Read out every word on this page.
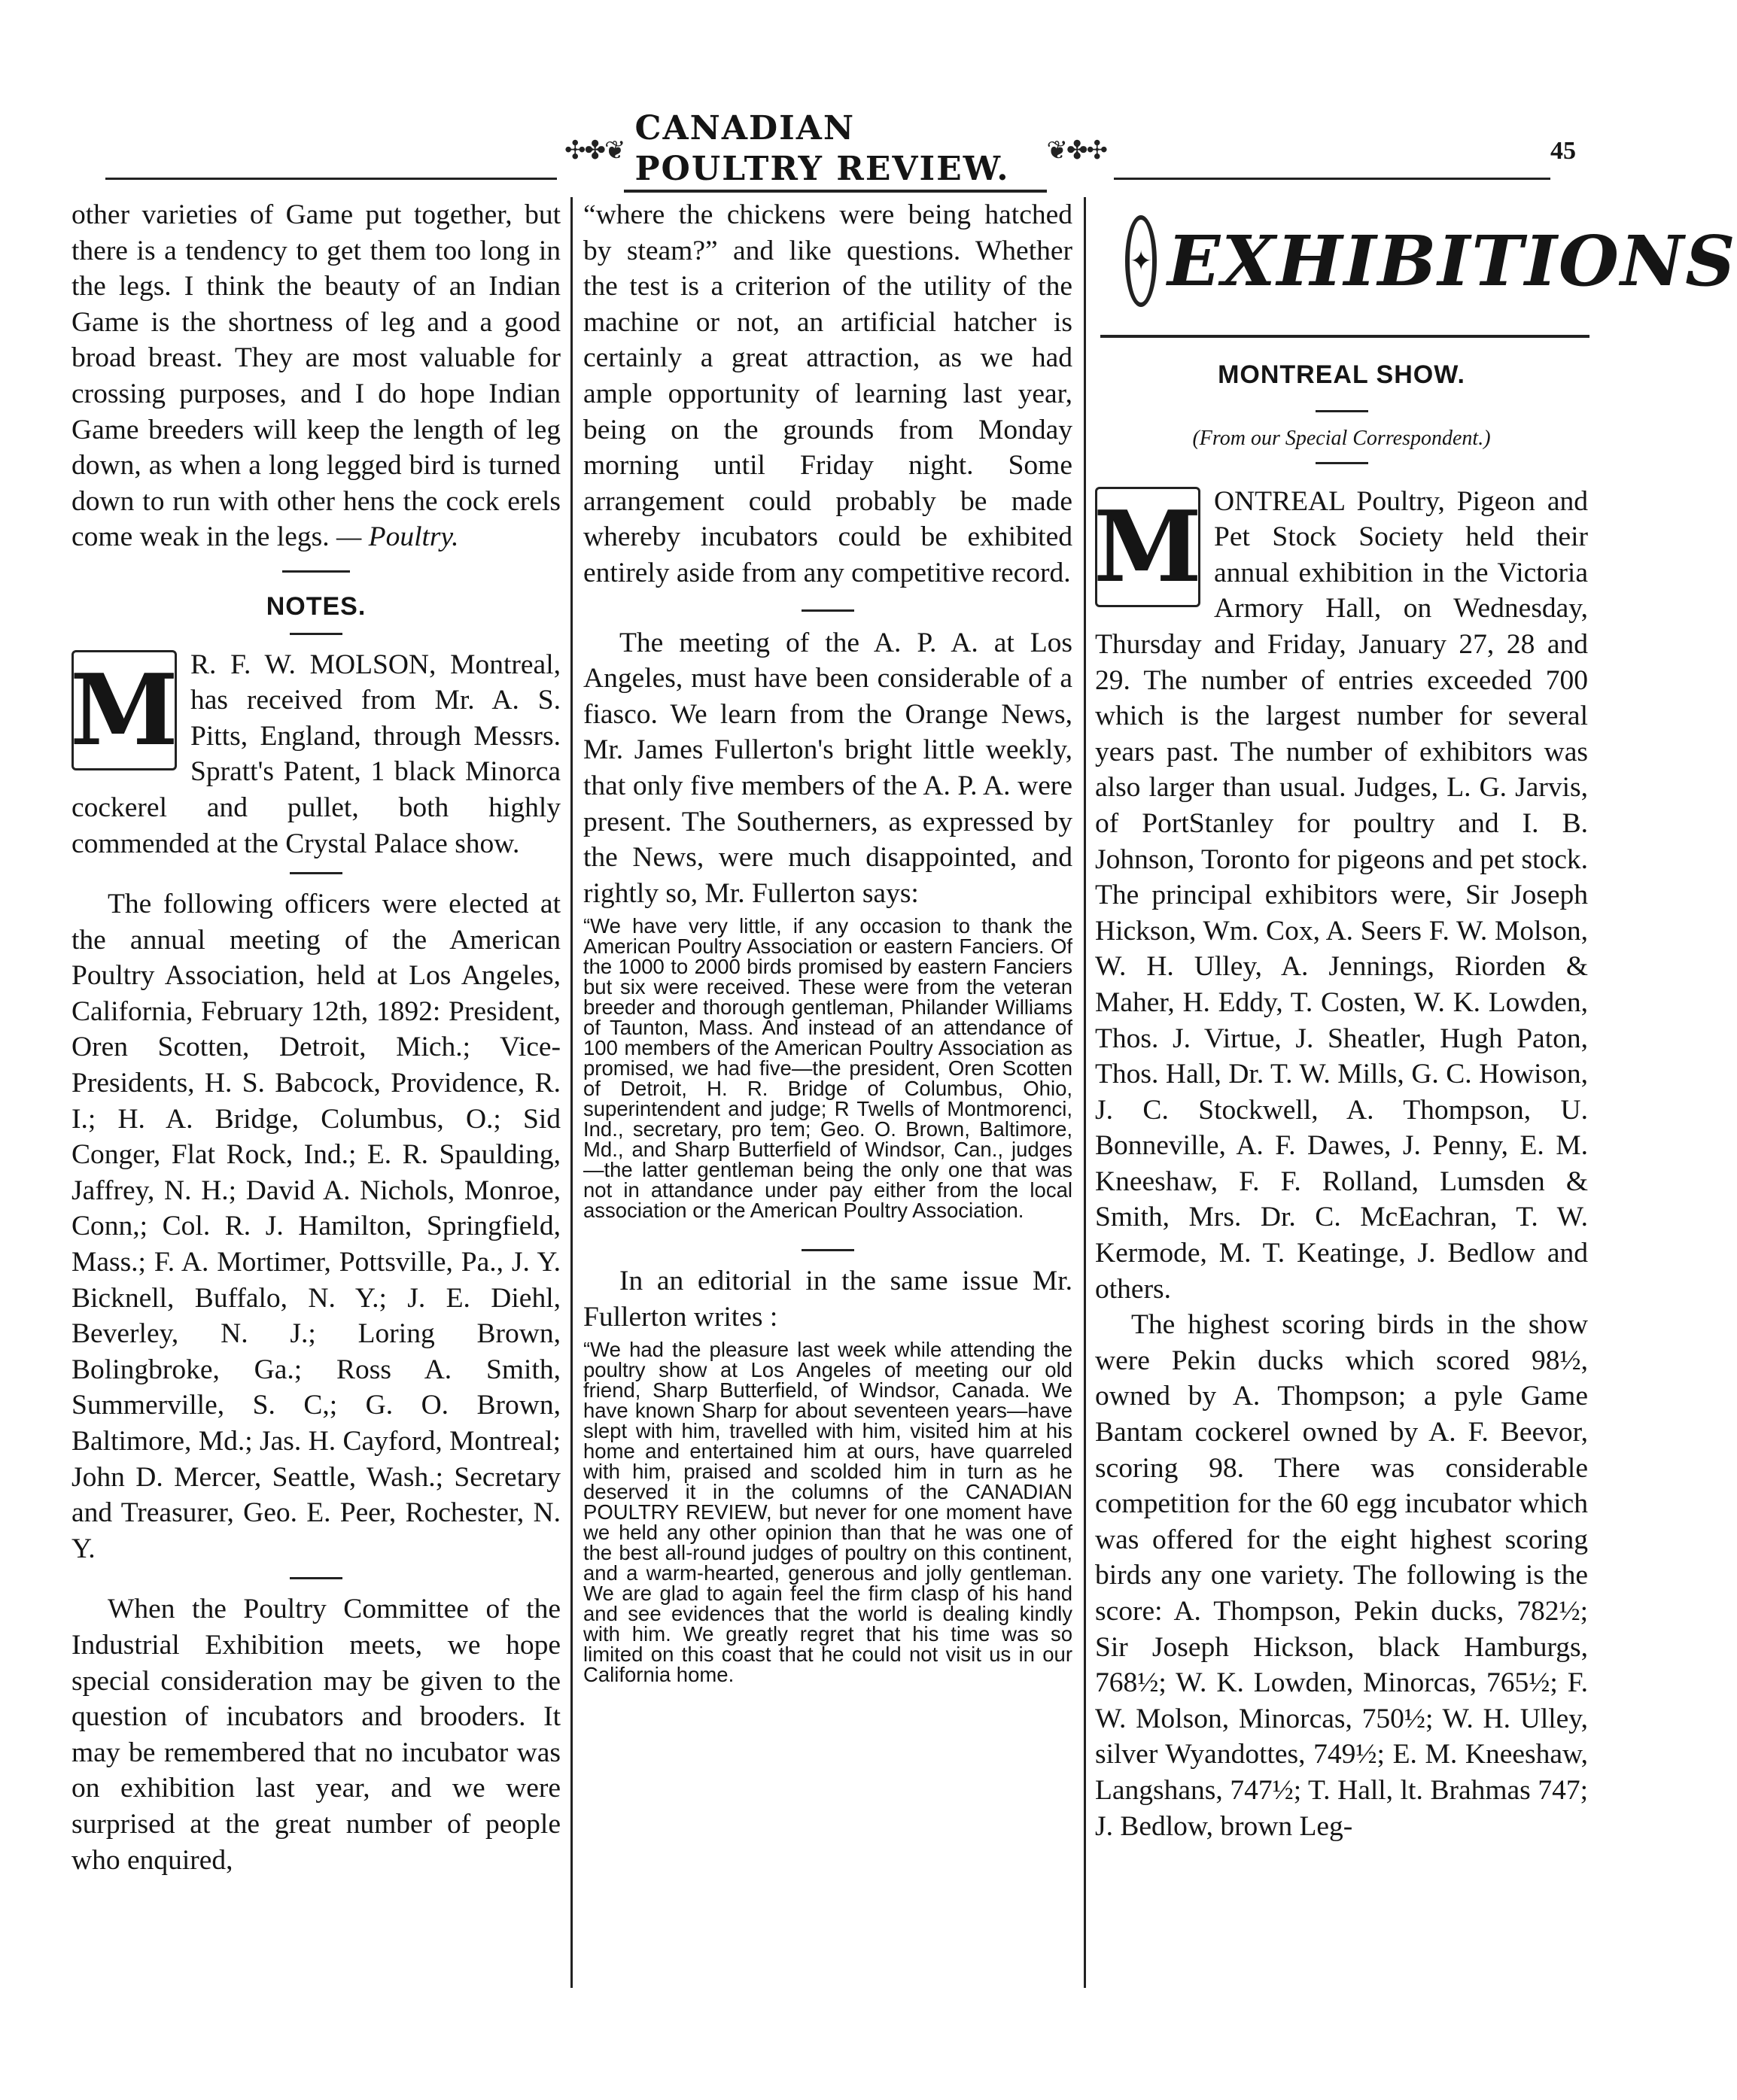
✣✤❦
CANADIAN POULTRY REVIEW.	❦✤✣	45

other varieties of Game put together, but there is a tendency to get them too long in the legs. I think the beauty of an Indian Game is the shortness of leg and a good broad breast. They are most valuable for crossing purposes, and I do hope Indian Game breeders will keep the length of leg down, as when a long legged bird is turned down to run with other hens the cock erels come weak in the legs. — Poultry.

NOTES.

M R. F. W. MOLSON, Montreal, has received from Mr. A. S. Pitts, England, through Messrs. Spratt's Patent, 1 black Minorca cockerel and pullet, both highly commended at the Crystal Palace show.

The following officers were elected at the annual meeting of the American Poultry Association, held at Los Angeles, California, February 12th, 1892: President, Oren Scotten, Detroit, Mich.; Vice-Presidents, H. S. Babcock, Providence, R. I.; H. A. Bridge, Columbus, O.; Sid Conger, Flat Rock, Ind.; E. R. Spaulding, Jaffrey, N. H.; David A. Nichols, Monroe, Conn,; Col. R. J. Hamilton, Springfield, Mass.; F. A. Mortimer, Pottsville, Pa., J. Y. Bicknell, Buffalo, N. Y.; J. E. Diehl, Beverley, N. J.; Loring Brown, Bolingbroke, Ga.; Ross A. Smith, Summerville, S. C,; G. O. Brown, Baltimore, Md.; Jas. H. Cayford, Montreal; John D. Mercer, Seattle, Wash.; Secretary and Treasurer, Geo. E. Peer, Rochester, N. Y.

When the Poultry Committee of the Industrial Exhibition meets, we hope special consideration may be given to the question of incubators and brooders. It may be remembered that no incubator was on exhibition last year, and we were surprised at the great number of people who enquired,

“where the chickens were being hatched by steam?” and like questions. Whether the test is a criterion of the utility of the machine or not, an artificial hatcher is certainly a great attraction, as we had ample opportunity of learning last year, being on the grounds from Monday morning until Friday night. Some arrangement could probably be made whereby incubators could be exhibited entirely aside from any competitive record.

The meeting of the A. P. A. at Los Angeles, must have been considerable of a fiasco. We learn from the Orange News, Mr. James Fullerton's bright little weekly, that only five members of the A. P. A. were present. The Southerners, as expressed by the News, were much disappointed, and rightly so, Mr. Fullerton says:

“We have very little, if any occasion to thank the American Poultry Association or eastern Fanciers. Of the 1000 to 2000 birds promised by eastern Fanciers but six were received. These were from the veteran breeder and thorough gentleman, Philander Williams of Taunton, Mass. And instead of an attendance of 100 members of the American Poultry Association as promised, we had five—the president, Oren Scotten of Detroit, H. R. Bridge of Columbus, Ohio, superintendent and judge; R Twells of Montmorenci, Ind., secretary, pro tem; Geo. O. Brown, Baltimore, Md., and Sharp Butterfield of Windsor, Can., judges—the latter gentleman being the only one that was not in attandance under pay either from the local association or the American Poultry Association.

In an editorial in the same issue Mr. Fullerton writes :

“We had the pleasure last week while attending the poultry show at Los Angeles of meeting our old friend, Sharp Butterfield, of Windsor, Canada. We have known Sharp for about seventeen years—have slept with him, travelled with him, visited him at his home and entertained him at ours, have quarreled with him, praised and scolded him in turn as he deserved it in the columns of the CANADIAN POULTRY REVIEW, but never for one moment have we held any other opinion than that he was one of the best all-round judges of poultry on this continent, and a warm-hearted, generous and jolly gentleman. We are glad to again feel the firm clasp of his hand and see evidences that the world is dealing kindly with him. We greatly regret that his time was so limited on this coast that he could not visit us in our California home.

✦ EXHIBITIONS

MONTREAL SHOW.

(From our Special Correspondent.)

M ONTREAL Poultry, Pigeon and Pet Stock Society held their annual exhibition in the Victoria Armory Hall, on Wednesday, Thursday and Friday, January 27, 28 and 29. The number of entries exceeded 700 which is the largest number for several years past. The number of exhibitors was also larger than usual. Judges, L. G. Jarvis, of PortStanley for poultry and I. B. Johnson, Toronto for pigeons and pet stock. The principal exhibitors were, Sir Joseph Hickson, Wm. Cox, A. Seers F. W. Molson, W. H. Ulley, A. Jennings, Riorden & Maher, H. Eddy, T. Costen, W. K. Lowden, Thos. J. Virtue, J. Sheatler, Hugh Paton, Thos. Hall, Dr. T. W. Mills, G. C. Howison, J. C. Stockwell, A. Thompson, U. Bonneville, A. F. Dawes, J. Penny, E. M. Kneeshaw, F. F. Rolland, Lumsden & Smith, Mrs. Dr. C. McEachran, T. W. Kermode, M. T. Keatinge, J. Bedlow and others.

The highest scoring birds in the show were Pekin ducks which scored 98½, owned by A. Thompson; a pyle Game Bantam cockerel owned by A. F. Beevor, scoring 98. There was considerable competition for the 60 egg incubator which was offered for the eight highest scoring birds any one variety. The following is the score: A. Thompson, Pekin ducks, 782½; Sir Joseph Hickson, black Hamburgs, 768½; W. K. Lowden, Minorcas, 765½; F. W. Molson, Minorcas, 750½; W. H. Ulley, silver Wyandottes, 749½; E. M. Kneeshaw, Langshans, 747½; T. Hall, lt. Brahmas 747; J. Bedlow, brown Leg-
